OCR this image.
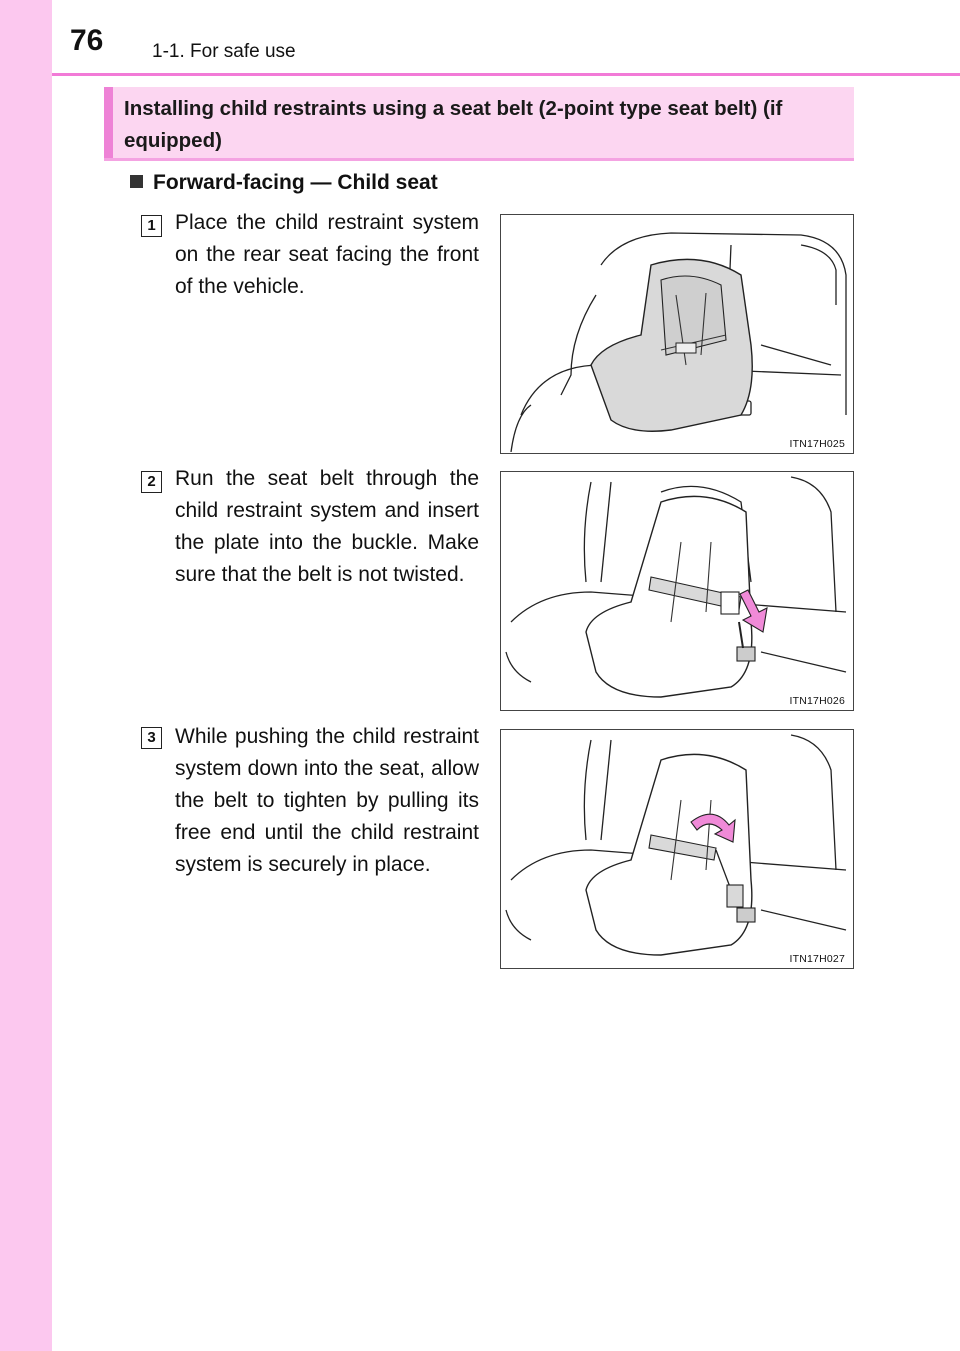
76	1-1. For safe use
Installing child restraints using a seat belt (2-point type seat belt) (if equipped)
Forward-facing — Child seat
1 Place the child restraint system on the rear seat facing the front of the vehicle.
ITN17H025
2 Run the seat belt through the child restraint system and insert the plate into the buckle. Make sure that the belt is not twisted.
ITN17H026
3 While pushing the child restraint system down into the seat, allow the belt to tighten by pulling its free end until the child restraint system is securely in place.
ITN17H027
